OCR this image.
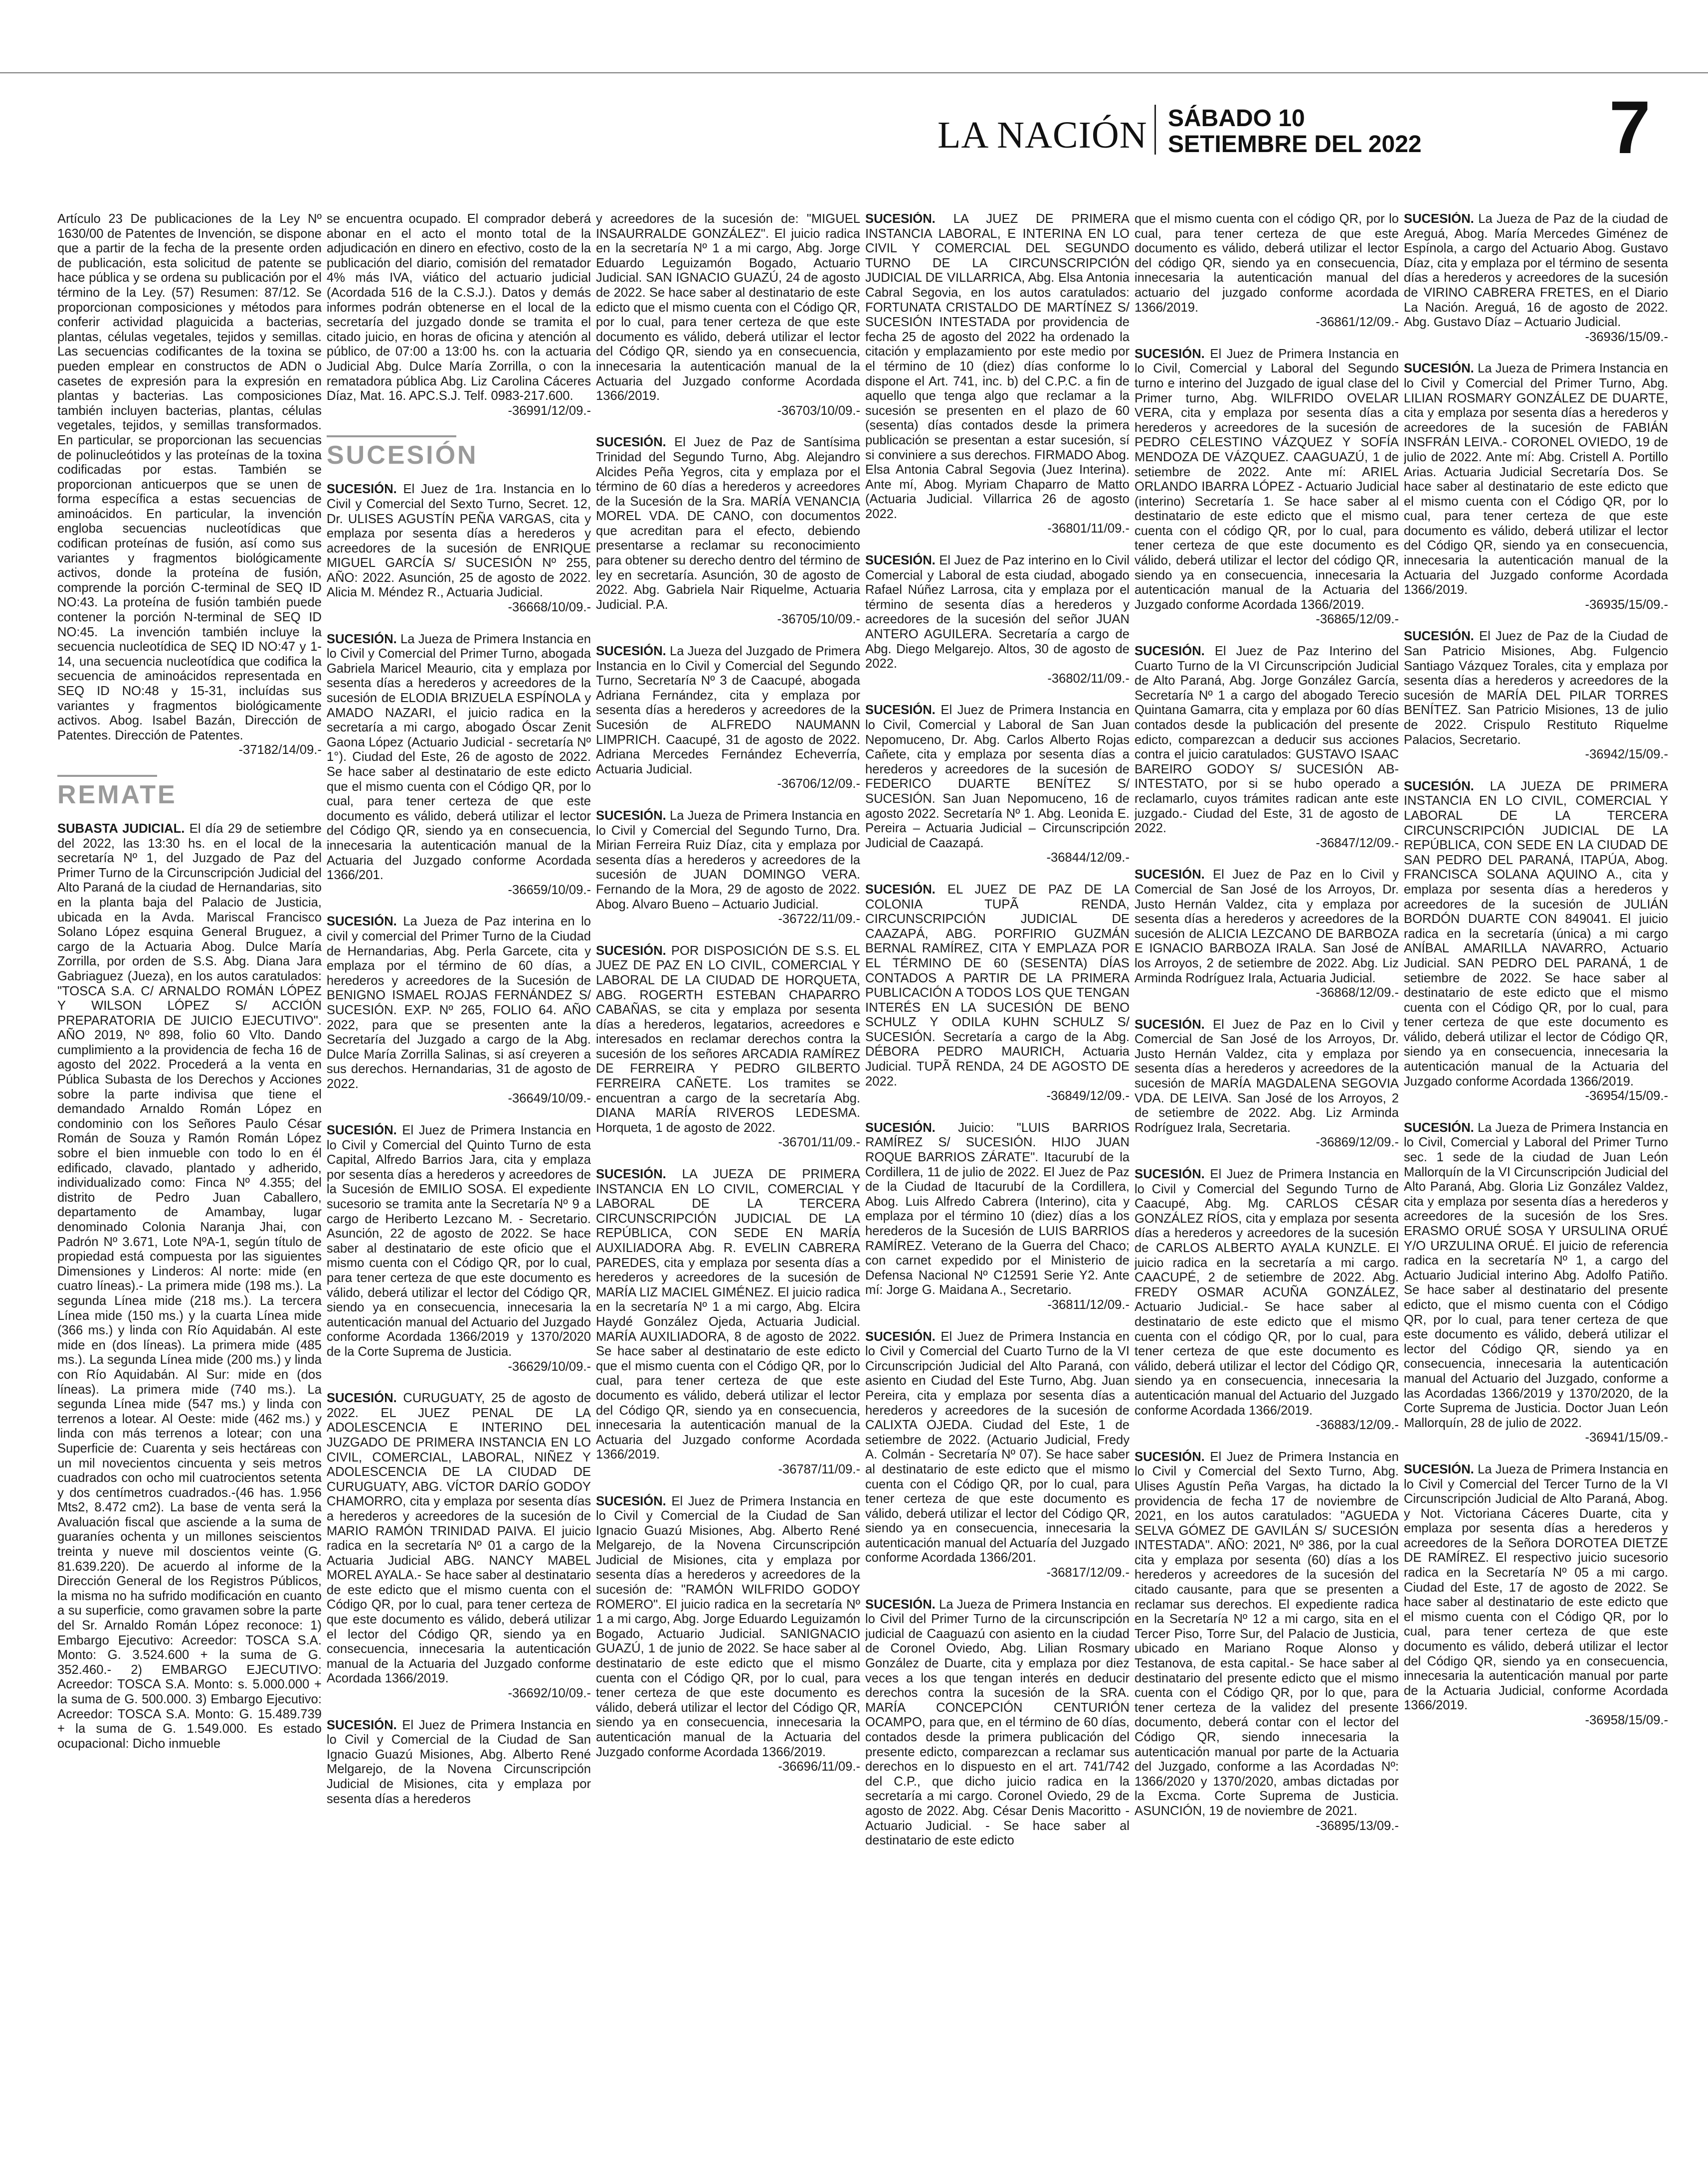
LA NACIÓN SÁBADO 10
SETIEMBRE DEL 2022	7

Artículo 23 De publicaciones de la Ley Nº 1630/00 de Patentes de Invención, se dispone que a partir de la fecha de la presente orden de publicación, esta solicitud de patente se hace pública y se ordena su publicación por el término de la Ley. (57) Resumen: 87/12. Se proporcionan composiciones y métodos para conferir actividad plaguicida a bacterias, plantas, células vegetales, tejidos y semillas. Las secuencias codificantes de la toxina se pueden emplear en constructos de ADN o casetes de expresión para la expresión en plantas y bacterias. Las composiciones también incluyen bacterias, plantas, células vegetales, tejidos, y semillas transformados. En particular, se proporcionan las secuencias de polinucleótidos y las proteínas de la toxina codificadas por estas. También se proporcionan anticuerpos que se unen de forma específica a estas secuencias de aminoácidos. En particular, la invención engloba secuencias nucleotídicas que codifican proteínas de fusión, así como sus variantes y fragmentos biológicamente activos, donde la proteína de fusión, comprende la porción C-terminal de SEQ ID NO:43. La proteína de fusión también puede contener la porción N-terminal de SEQ ID NO:45. La invención también incluye la secuencia nucleotídica de SEQ ID NO:47 y 1-14, una secuencia nucleotídica que codifica la secuencia de aminoácidos representada en SEQ ID NO:48 y 15-31, incluídas sus variantes y fragmentos biológicamente activos. Abog. Isabel Bazán, Dirección de Patentes. Dirección de Patentes.
-37182/14/09.-

REMATE

SUBASTA JUDICIAL. El día 29 de setiembre del 2022, las 13:30 hs. en el local de la secretaría Nº 1, del Juzgado de Paz del Primer Turno de la Circunscripción Judicial del Alto Paraná de la ciudad de Hernandarias, sito en la planta baja del Palacio de Justicia, ubicada en la Avda. Mariscal Francisco Solano López esquina General Bruguez, a cargo de la Actuaria Abog. Dulce María Zorrilla, por orden de S.S. Abg. Diana Jara Gabriaguez (Jueza), en los autos caratulados: "TOSCA S.A. C/ ARNALDO ROMÁN LÓPEZ Y WILSON LÓPEZ S/ ACCIÓN PREPARATORIA DE JUICIO EJECUTIVO". AÑO 2019, Nº 898, folio 60 Vlto. Dando cumplimiento a la providencia de fecha 16 de agosto del 2022. Procederá a la venta en Pública Subasta de los Derechos y Acciones sobre la parte indivisa que tiene el demandado Arnaldo Román López en condominio con los Señores Paulo César Román de Souza y Ramón Román López sobre el bien inmueble con todo lo en él edificado, clavado, plantado y adherido, individualizado como: Finca Nº 4.355; del distrito de Pedro Juan Caballero, departamento de Amambay, lugar denominado Colonia Naranja Jhai, con Padrón Nº 3.671, Lote NºA-1, según título de propiedad está compuesta por las siguientes Dimensiones y Linderos: Al norte: mide (en cuatro líneas).- La primera mide (198 ms.). La segunda Línea mide (218 ms.). La tercera Línea mide (150 ms.) y la cuarta Línea mide (366 ms.) y linda con Río Aquidabán. Al este mide en (dos líneas). La primera mide (485 ms.). La segunda Línea mide (200 ms.) y linda con Río Aquidabán. Al Sur: mide en (dos líneas). La primera mide (740 ms.). La segunda Línea mide (547 ms.) y linda con terrenos a lotear. Al Oeste: mide (462 ms.) y linda con más terrenos a lotear; con una Superficie de: Cuarenta y seis hectáreas con un mil novecientos cincuenta y seis metros cuadrados con ocho mil cuatrocientos setenta y dos centímetros cuadrados.-(46 has. 1.956 Mts2, 8.472 cm2). La base de venta será la Avaluación fiscal que asciende a la suma de guaraníes ochenta y un millones seiscientos treinta y nueve mil doscientos veinte (G. 81.639.220). De acuerdo al informe de la Dirección General de los Registros Públicos, la misma no ha sufrido modificación en cuanto a su superficie, como gravamen sobre la parte del Sr. Arnaldo Román López reconoce: 1) Embargo Ejecutivo: Acreedor: TOSCA S.A. Monto: G. 3.524.600 + la suma de G. 352.460.- 2) EMBARGO EJECUTIVO: Acreedor: TOSCA S.A. Monto: s. 5.000.000 + la suma de G. 500.000. 3) Embargo Ejecutivo: Acreedor: TOSCA S.A. Monto: G. 15.489.739 + la suma de G. 1.549.000. Es estado ocupacional: Dicho inmueble

se encuentra ocupado. El comprador deberá abonar en el acto el monto total de la adjudicación en dinero en efectivo, costo de la publicación del diario, comisión del rematador 4% más IVA, viático del actuario judicial (Acordada 516 de la C.S.J.). Datos y demás informes podrán obtenerse en el local de la secretaría del juzgado donde se tramita el citado juicio, en horas de oficina y atención al público, de 07:00 a 13:00 hs. con la actuaria Judicial Abg. Dulce María Zorrilla, o con la rematadora pública Abg. Liz Carolina Cáceres Díaz, Mat. 16. APC.S.J. Telf. 0983-217.600.
-36991/12/09.-

SUCESIÓN

SUCESIÓN. El Juez de 1ra. Instancia en lo Civil y Comercial del Sexto Turno, Secret. 12, Dr. ULISES AGUSTÍN PEÑA VARGAS, cita y emplaza por sesenta días a herederos y acreedores de la sucesión de ENRIQUE MIGUEL GARCÍA S/ SUCESIÓN Nº 255, AÑO: 2022. Asunción, 25 de agosto de 2022. Alicia M. Méndez R., Actuaria Judicial.
-36668/10/09.-

SUCESIÓN. La Jueza de Primera Instancia en lo Civil y Comercial del Primer Turno, abogada Gabriela Maricel Meaurio, cita y emplaza por sesenta días a herederos y acreedores de la sucesión de ELODIA BRIZUELA ESPÍNOLA y AMADO NAZARI, el juicio radica en la secretaría a mi cargo, abogado Óscar Zenit Gaona López (Actuario Judicial - secretaría Nº 1°). Ciudad del Este, 26 de agosto de 2022. Se hace saber al destinatario de este edicto que el mismo cuenta con el Código QR, por lo cual, para tener certeza de que este documento es válido, deberá utilizar el lector del Código QR, siendo ya en consecuencia, innecesaria la autenticación manual de la Actuaria del Juzgado conforme Acordada 1366/201.
-36659/10/09.-

SUCESIÓN. La Jueza de Paz interina en lo civil y comercial del Primer Turno de la Ciudad de Hernandarias, Abg. Perla Garcete, cita y emplaza por el término de 60 días, a herederos y acreedores de la Sucesión de BENIGNO ISMAEL ROJAS FERNÁNDEZ S/ SUCESIÓN. EXP. Nº 265, FOLIO 64. AÑO 2022, para que se presenten ante la Secretaría del Juzgado a cargo de la Abg. Dulce María Zorrilla Salinas, si así creyeren a sus derechos. Hernandarias, 31 de agosto de 2022.
-36649/10/09.-

SUCESIÓN. El Juez de Primera Instancia en lo Civil y Comercial del Quinto Turno de esta Capital, Alfredo Barrios Jara, cita y emplaza por sesenta días a herederos y acreedores de la Sucesión de EMILIO SOSA. El expediente sucesorio se tramita ante la Secretaría Nº 9 a cargo de Heriberto Lezcano M. - Secretario. Asunción, 22 de agosto de 2022. Se hace saber al destinatario de este oficio que el mismo cuenta con el Código QR, por lo cual, para tener certeza de que este documento es válido, deberá utilizar el lector del Código QR, siendo ya en consecuencia, innecesaria la autenticación manual del Actuario del Juzgado conforme Acordada 1366/2019 y 1370/2020 de la Corte Suprema de Justicia.
-36629/10/09.-

SUCESIÓN. CURUGUATY, 25 de agosto de 2022. EL JUEZ PENAL DE LA ADOLESCENCIA E INTERINO DEL JUZGADO DE PRIMERA INSTANCIA EN LO CIVIL, COMERCIAL, LABORAL, NIÑEZ Y ADOLESCENCIA DE LA CIUDAD DE CURUGUATY, ABG. VÍCTOR DARÍO GODOY CHAMORRO, cita y emplaza por sesenta días a herederos y acreedores de la sucesión de MARIO RAMÓN TRINIDAD PAIVA. El juicio radica en la secretaría Nº 01 a cargo de la Actuaria Judicial ABG. NANCY MABEL MOREL AYALA.- Se hace saber al destinatario de este edicto que el mismo cuenta con el Código QR, por lo cual, para tener certeza de que este documento es válido, deberá utilizar el lector del Código QR, siendo ya en consecuencia, innecesaria la autenticación manual de la Actuaria del Juzgado conforme Acordada 1366/2019.
-36692/10/09.-

SUCESIÓN. El Juez de Primera Instancia en lo Civil y Comercial de la Ciudad de San Ignacio Guazú Misiones, Abg. Alberto René Melgarejo, de la Novena Circunscripción Judicial de Misiones, cita y emplaza por sesenta días a herederos

y acreedores de la sucesión de: "MIGUEL INSAURRALDE GONZÁLEZ". El juicio radica en la secretaría Nº 1 a mi cargo, Abg. Jorge Eduardo Leguizamón Bogado, Actuario Judicial. SAN IGNACIO GUAZÚ, 24 de agosto de 2022. Se hace saber al destinatario de este edicto que el mismo cuenta con el Código QR, por lo cual, para tener certeza de que este documento es válido, deberá utilizar el lector del Código QR, siendo ya en consecuencia, innecesaria la autenticación manual de la Actuaria del Juzgado conforme Acordada 1366/2019.
-36703/10/09.-

SUCESIÓN. El Juez de Paz de Santísima Trinidad del Segundo Turno, Abg. Alejandro Alcides Peña Yegros, cita y emplaza por el término de 60 días a herederos y acreedores de la Sucesión de la Sra. MARÍA VENANCIA MOREL VDA. DE CANO, con documentos que acreditan para el efecto, debiendo presentarse a reclamar su reconocimiento para obtener su derecho dentro del término de ley en secretaría. Asunción, 30 de agosto de 2022. Abg. Gabriela Nair Riquelme, Actuaria Judicial. P.A.
-36705/10/09.-

SUCESIÓN. La Jueza del Juzgado de Primera Instancia en lo Civil y Comercial del Segundo Turno, Secretaría Nº 3 de Caacupé, abogada Adriana Fernández, cita y emplaza por sesenta días a herederos y acreedores de la Sucesión de ALFREDO NAUMANN LIMPRICH. Caacupé, 31 de agosto de 2022. Adriana Mercedes Fernández Echeverría, Actuaria Judicial.
-36706/12/09.-

SUCESIÓN. La Jueza de Primera Instancia en lo Civil y Comercial del Segundo Turno, Dra. Mirian Ferreira Ruiz Díaz, cita y emplaza por sesenta días a herederos y acreedores de la sucesión de JUAN DOMINGO VERA. Fernando de la Mora, 29 de agosto de 2022. Abog. Alvaro Bueno – Actuario Judicial.
-36722/11/09.-

SUCESIÓN. POR DISPOSICIÓN DE S.S. EL JUEZ DE PAZ EN LO CIVIL, COMERCIAL Y LABORAL DE LA CIUDAD DE HORQUETA, ABG. ROGERTH ESTEBAN CHAPARRO CABAÑAS, se cita y emplaza por sesenta días a herederos, legatarios, acreedores e interesados en reclamar derechos contra la sucesión de los señores ARCADIA RAMÍREZ DE FERREIRA Y PEDRO GILBERTO FERREIRA CAÑETE. Los tramites se encuentran a cargo de la secretaría Abg. DIANA MARÍA RIVEROS LEDESMA. Horqueta, 1 de agosto de 2022.
-36701/11/09.-

SUCESIÓN. LA JUEZA DE PRIMERA INSTANCIA EN LO CIVIL, COMERCIAL Y LABORAL DE LA TERCERA CIRCUNSCRIPCIÓN JUDICIAL DE LA REPÚBLICA, CON SEDE EN MARÍA AUXILIADORA Abg. R. EVELIN CABRERA PAREDES, cita y emplaza por sesenta días a herederos y acreedores de la sucesión de MARÍA LIZ MACIEL GIMÉNEZ. El juicio radica en la secretaría Nº 1 a mi cargo, Abg. Elcira Haydé González Ojeda, Actuaria Judicial. MARÍA AUXILIADORA, 8 de agosto de 2022. Se hace saber al destinatario de este edicto que el mismo cuenta con el Código QR, por lo cual, para tener certeza de que este documento es válido, deberá utilizar el lector del Código QR, siendo ya en consecuencia, innecesaria la autenticación manual de la Actuaria del Juzgado conforme Acordada 1366/2019.
-36787/11/09.-

SUCESIÓN. El Juez de Primera Instancia en lo Civil y Comercial de la Ciudad de San Ignacio Guazú Misiones, Abg. Alberto René Melgarejo, de la Novena Circunscripción Judicial de Misiones, cita y emplaza por sesenta días a herederos y acreedores de la sucesión de: "RAMÓN WILFRIDO GODOY ROMERO". El juicio radica en la secretaría Nº 1 a mi cargo, Abg. Jorge Eduardo Leguizamón Bogado, Actuario Judicial. SANIGNACIO GUAZÚ, 1 de junio de 2022. Se hace saber al destinatario de este edicto que el mismo cuenta con el Código QR, por lo cual, para tener certeza de que este documento es válido, deberá utilizar el lector del Código QR, siendo ya en consecuencia, innecesaria la autenticación manual de la Actuaria del Juzgado conforme Acordada 1366/2019.
-36696/11/09.-

SUCESIÓN. LA JUEZ DE PRIMERA INSTANCIA LABORAL, E INTERINA EN LO CIVIL Y COMERCIAL DEL SEGUNDO TURNO DE LA CIRCUNSCRIPCIÓN JUDICIAL DE VILLARRICA, Abg. Elsa Antonia Cabral Segovia, en los autos caratulados: FORTUNATA CRISTALDO DE MARTÍNEZ S/ SUCESIÓN INTESTADA por providencia de fecha 25 de agosto del 2022 ha ordenado la citación y emplazamiento por este medio por el término de 10 (diez) días conforme lo dispone el Art. 741, inc. b) del C.P.C. a fin de aquello que tenga algo que reclamar a la sucesión se presenten en el plazo de 60 (sesenta) días contados desde la primera publicación se presentan a estar sucesión, sí si conviniere a sus derechos. FIRMADO Abog. Elsa Antonia Cabral Segovia (Juez Interina). Ante mí, Abog. Myriam Chaparro de Matto (Actuaria Judicial. Villarrica 26 de agosto 2022.
-36801/11/09.-

SUCESIÓN. El Juez de Paz interino en lo Civil Comercial y Laboral de esta ciudad, abogado Rafael Núñez Larrosa, cita y emplaza por el término de sesenta días a herederos y acreedores de la sucesión del señor JUAN ANTERO AGUILERA. Secretaría a cargo de Abg. Diego Melgarejo. Altos, 30 de agosto de 2022.
-36802/11/09.-

SUCESIÓN. El Juez de Primera Instancia en lo Civil, Comercial y Laboral de San Juan Nepomuceno, Dr. Abg. Carlos Alberto Rojas Cañete, cita y emplaza por sesenta días a herederos y acreedores de la sucesión de FEDERICO DUARTE BENÍTEZ S/ SUCESIÓN. San Juan Nepomuceno, 16 de agosto 2022. Secretaría Nº 1. Abg. Leonida E. Pereira – Actuaria Judicial – Circunscripción Judicial de Caazapá.
-36844/12/09.-

SUCESIÓN. EL JUEZ DE PAZ DE LA COLONIA TUPÃ RENDA, CIRCUNSCRIPCIÓN JUDICIAL DE CAAZAPÁ, ABG. PORFIRIO GUZMÁN BERNAL RAMÍREZ, CITA Y EMPLAZA POR EL TÉRMINO DE 60 (SESENTA) DÍAS CONTADOS A PARTIR DE LA PRIMERA PUBLICACIÓN A TODOS LOS QUE TENGAN INTERÉS EN LA SUCESIÓN DE BENO SCHULZ Y ODILA KUHN SCHULZ S/ SUCESIÓN. Secretaría a cargo de la Abg. DÉBORA PEDRO MAURICH, Actuaria Judicial. TUPÃ RENDA, 24 DE AGOSTO DE 2022.
-36849/12/09.-

SUCESIÓN. Juicio: "LUIS BARRIOS RAMÍREZ S/ SUCESIÓN. HIJO JUAN ROQUE BARRIOS ZÁRATE". Itacurubí de la Cordillera, 11 de julio de 2022. El Juez de Paz de la Ciudad de Itacurubí de la Cordillera, Abog. Luis Alfredo Cabrera (Interino), cita y emplaza por el término 10 (diez) días a los herederos de la Sucesión de LUIS BARRIOS RAMÍREZ. Veterano de la Guerra del Chaco; con carnet expedido por el Ministerio de Defensa Nacional Nº C12591 Serie Y2. Ante mí: Jorge G. Maidana A., Secretario.
-36811/12/09.-

SUCESIÓN. El Juez de Primera Instancia en lo Civil y Comercial del Cuarto Turno de la VI Circunscripción Judicial del Alto Paraná, con asiento en Ciudad del Este Turno, Abg. Juan Pereira, cita y emplaza por sesenta días a herederos y acreedores de la sucesión de CALIXTA OJEDA. Ciudad del Este, 1 de setiembre de 2022. (Actuario Judicial, Fredy A. Colmán - Secretaría Nº 07). Se hace saber al destinatario de este edicto que el mismo cuenta con el Código QR, por lo cual, para tener certeza de que este documento es válido, deberá utilizar el lector del Código QR, siendo ya en consecuencia, innecesaria la autenticación manual del Actuaría del Juzgado conforme Acordada 1366/201.
-36817/12/09.-

SUCESIÓN. La Jueza de Primera Instancia en lo Civil del Primer Turno de la circunscripción judicial de Caaguazú con asiento en la ciudad de Coronel Oviedo, Abg. Lilian Rosmary González de Duarte, cita y emplaza por diez veces a los que tengan interés en deducir derechos contra la sucesión de la SRA. MARÍA CONCEPCIÓN CENTURIÓN OCAMPO, para que, en el término de 60 días, contados desde la primera publicación del presente edicto, comparezcan a reclamar sus derechos en lo dispuesto en el art. 741/742 del C.P., que dicho juicio radica en la secretaría a mi cargo. Coronel Oviedo, 29 de agosto de 2022. Abg. César Denis Macoritto - Actuario Judicial. - Se hace saber al destinatario de este edicto

que el mismo cuenta con el código QR, por lo cual, para tener certeza de que este documento es válido, deberá utilizar el lector del código QR, siendo ya en consecuencia, innecesaria la autenticación manual del actuario del juzgado conforme acordada 1366/2019.
-36861/12/09.-

SUCESIÓN. El Juez de Primera Instancia en lo Civil, Comercial y Laboral del Segundo turno e interino del Juzgado de igual clase del Primer turno, Abg. WILFRIDO OVELAR VERA, cita y emplaza por sesenta días a herederos y acreedores de la sucesión de PEDRO CELESTINO VÁZQUEZ Y SOFÍA MENDOZA DE VÁZQUEZ. CAAGUAZÚ, 1 de setiembre de 2022. Ante mí: ARIEL ORLANDO IBARRA LÓPEZ - Actuario Judicial (interino) Secretaría 1. Se hace saber al destinatario de este edicto que el mismo cuenta con el código QR, por lo cual, para tener certeza de que este documento es válido, deberá utilizar el lector del código QR, siendo ya en consecuencia, innecesaria la autenticación manual de la Actuaria del Juzgado conforme Acordada 1366/2019.
-36865/12/09.-

SUCESIÓN. El Juez de Paz Interino del Cuarto Turno de la VI Circunscripción Judicial de Alto Paraná, Abg. Jorge González García, Secretaría Nº 1 a cargo del abogado Terecio Quintana Gamarra, cita y emplaza por 60 días contados desde la publicación del presente edicto, comparezcan a deducir sus acciones contra el juicio caratulados: GUSTAVO ISAAC BAREIRO GODOY S/ SUCESIÓN AB-INTESTATO, por si se hubo operado a reclamarlo, cuyos trámites radican ante este juzgado.- Ciudad del Este, 31 de agosto de 2022.
-36847/12/09.-

SUCESIÓN. El Juez de Paz en lo Civil y Comercial de San José de los Arroyos, Dr. Justo Hernán Valdez, cita y emplaza por sesenta días a herederos y acreedores de la sucesión de ALICIA LEZCANO DE BARBOZA E IGNACIO BARBOZA IRALA. San José de los Arroyos, 2 de setiembre de 2022. Abg. Liz Arminda Rodríguez Irala, Actuaria Judicial.
-36868/12/09.-

SUCESIÓN. El Juez de Paz en lo Civil y Comercial de San José de los Arroyos, Dr. Justo Hernán Valdez, cita y emplaza por sesenta días a herederos y acreedores de la sucesión de MARÍA MAGDALENA SEGOVIA VDA. DE LEIVA. San José de los Arroyos, 2 de setiembre de 2022. Abg. Liz Arminda Rodríguez Irala, Secretaria.
-36869/12/09.-

SUCESIÓN. El Juez de Primera Instancia en lo Civil y Comercial del Segundo Turno de Caacupé, Abg. Mg. CARLOS CÉSAR GONZÁLEZ RÍOS, cita y emplaza por sesenta días a herederos y acreedores de la sucesión de CARLOS ALBERTO AYALA KUNZLE. El juicio radica en la secretaría a mi cargo. CAACUPÉ, 2 de setiembre de 2022. Abg. FREDY OSMAR ACUÑA GONZÁLEZ, Actuario Judicial.- Se hace saber al destinatario de este edicto que el mismo cuenta con el código QR, por lo cual, para tener certeza de que este documento es válido, deberá utilizar el lector del Código QR, siendo ya en consecuencia, innecesaria la autenticación manual del Actuario del Juzgado conforme Acordada 1366/2019.
-36883/12/09.-

SUCESIÓN. El Juez de Primera Instancia en lo Civil y Comercial del Sexto Turno, Abg. Ulises Agustín Peña Vargas, ha dictado la providencia de fecha 17 de noviembre de 2021, en los autos caratulados: "AGUEDA SELVA GÓMEZ DE GAVILÁN S/ SUCESIÓN INTESTADA". AÑO: 2021, Nº 386, por la cual cita y emplaza por sesenta (60) días a los herederos y acreedores de la sucesión del citado causante, para que se presenten a reclamar sus derechos. El expediente radica en la Secretaría Nº 12 a mi cargo, sita en el Tercer Piso, Torre Sur, del Palacio de Justicia, ubicado en Mariano Roque Alonso y Testanova, de esta capital.- Se hace saber al destinatario del presente edicto que el mismo cuenta con el Código QR, por lo que, para tener certeza de la validez del presente documento, deberá contar con el lector del Código QR, siendo innecesaria la autenticación manual por parte de la Actuaria del Juzgado, conforme a las Acordadas Nº: 1366/2020 y 1370/2020, ambas dictadas por la Excma. Corte Suprema de Justicia. ASUNCIÓN, 19 de noviembre de 2021.
-36895/13/09.-

SUCESIÓN. La Jueza de Paz de la ciudad de Areguá, Abog. María Mercedes Giménez de Espínola, a cargo del Actuario Abog. Gustavo Díaz, cita y emplaza por el término de sesenta días a herederos y acreedores de la sucesión de VIRINO CABRERA FRETES, en el Diario La Nación. Areguá, 16 de agosto de 2022. Abg. Gustavo Díaz – Actuario Judicial.
-36936/15/09.-

SUCESIÓN. La Jueza de Primera Instancia en lo Civil y Comercial del Primer Turno, Abg. LILIAN ROSMARY GONZÁLEZ DE DUARTE, cita y emplaza por sesenta días a herederos y acreedores de la sucesión de FABIÁN INSFRÁN LEIVA.- CORONEL OVIEDO, 19 de julio de 2022. Ante mí: Abg. Cristell A. Portillo Arias. Actuaria Judicial Secretaría Dos. Se hace saber al destinatario de este edicto que el mismo cuenta con el Código QR, por lo cual, para tener certeza de que este documento es válido, deberá utilizar el lector del Código QR, siendo ya en consecuencia, innecesaria la autenticación manual de la Actuaria del Juzgado conforme Acordada 1366/2019.
-36935/15/09.-

SUCESIÓN. El Juez de Paz de la Ciudad de San Patricio Misiones, Abg. Fulgencio Santiago Vázquez Torales, cita y emplaza por sesenta días a herederos y acreedores de la sucesión de MARÍA DEL PILAR TORRES BENÍTEZ. San Patricio Misiones, 13 de julio de 2022. Crispulo Restituto Riquelme Palacios, Secretario.
-36942/15/09.-

SUCESIÓN. LA JUEZA DE PRIMERA INSTANCIA EN LO CIVIL, COMERCIAL Y LABORAL DE LA TERCERA CIRCUNSCRIPCIÓN JUDICIAL DE LA REPÚBLICA, CON SEDE EN LA CIUDAD DE SAN PEDRO DEL PARANÁ, ITAPÚA, Abog. FRANCISCA SOLANA AQUINO A., cita y emplaza por sesenta días a herederos y acreedores de la sucesión de JULIÁN BORDÓN DUARTE CON 849041. El juicio radica en la secretaría (única) a mi cargo ANÍBAL AMARILLA NAVARRO, Actuario Judicial. SAN PEDRO DEL PARANÁ, 1 de setiembre de 2022. Se hace saber al destinatario de este edicto que el mismo cuenta con el Código QR, por lo cual, para tener certeza de que este documento es válido, deberá utilizar el lector de Código QR, siendo ya en consecuencia, innecesaria la autenticación manual de la Actuaria del Juzgado conforme Acordada 1366/2019.
-36954/15/09.-

SUCESIÓN. La Jueza de Primera Instancia en lo Civil, Comercial y Laboral del Primer Turno sec. 1 sede de la ciudad de Juan León Mallorquín de la VI Circunscripción Judicial del Alto Paraná, Abg. Gloria Liz González Valdez, cita y emplaza por sesenta días a herederos y acreedores de la sucesión de los Sres. ERASMO ORUÉ SOSA Y URSULINA ORUÉ Y/O URZULINA ORUÉ. El juicio de referencia radica en la secretaría Nº 1, a cargo del Actuario Judicial interino Abg. Adolfo Patiño. Se hace saber al destinatario del presente edicto, que el mismo cuenta con el Código QR, por lo cual, para tener certeza de que este documento es válido, deberá utilizar el lector del Código QR, siendo ya en consecuencia, innecesaria la autenticación manual del Actuario del Juzgado, conforme a las Acordadas 1366/2019 y 1370/2020, de la Corte Suprema de Justicia. Doctor Juan León Mallorquín, 28 de julio de 2022.
-36941/15/09.-

SUCESIÓN. La Jueza de Primera Instancia en lo Civil y Comercial del Tercer Turno de la VI Circunscripción Judicial de Alto Paraná, Abog. y Not. Victoriana Cáceres Duarte, cita y emplaza por sesenta días a herederos y acreedores de la Señora DOROTEA DIETZE DE RAMÍREZ. El respectivo juicio sucesorio radica en la Secretaría Nº 05 a mi cargo. Ciudad del Este, 17 de agosto de 2022. Se hace saber al destinatario de este edicto que el mismo cuenta con el Código QR, por lo cual, para tener certeza de que este documento es válido, deberá utilizar el lector del Código QR, siendo ya en consecuencia, innecesaria la autenticación manual por parte de la Actuaria Judicial, conforme Acordada 1366/2019.
-36958/15/09.-
